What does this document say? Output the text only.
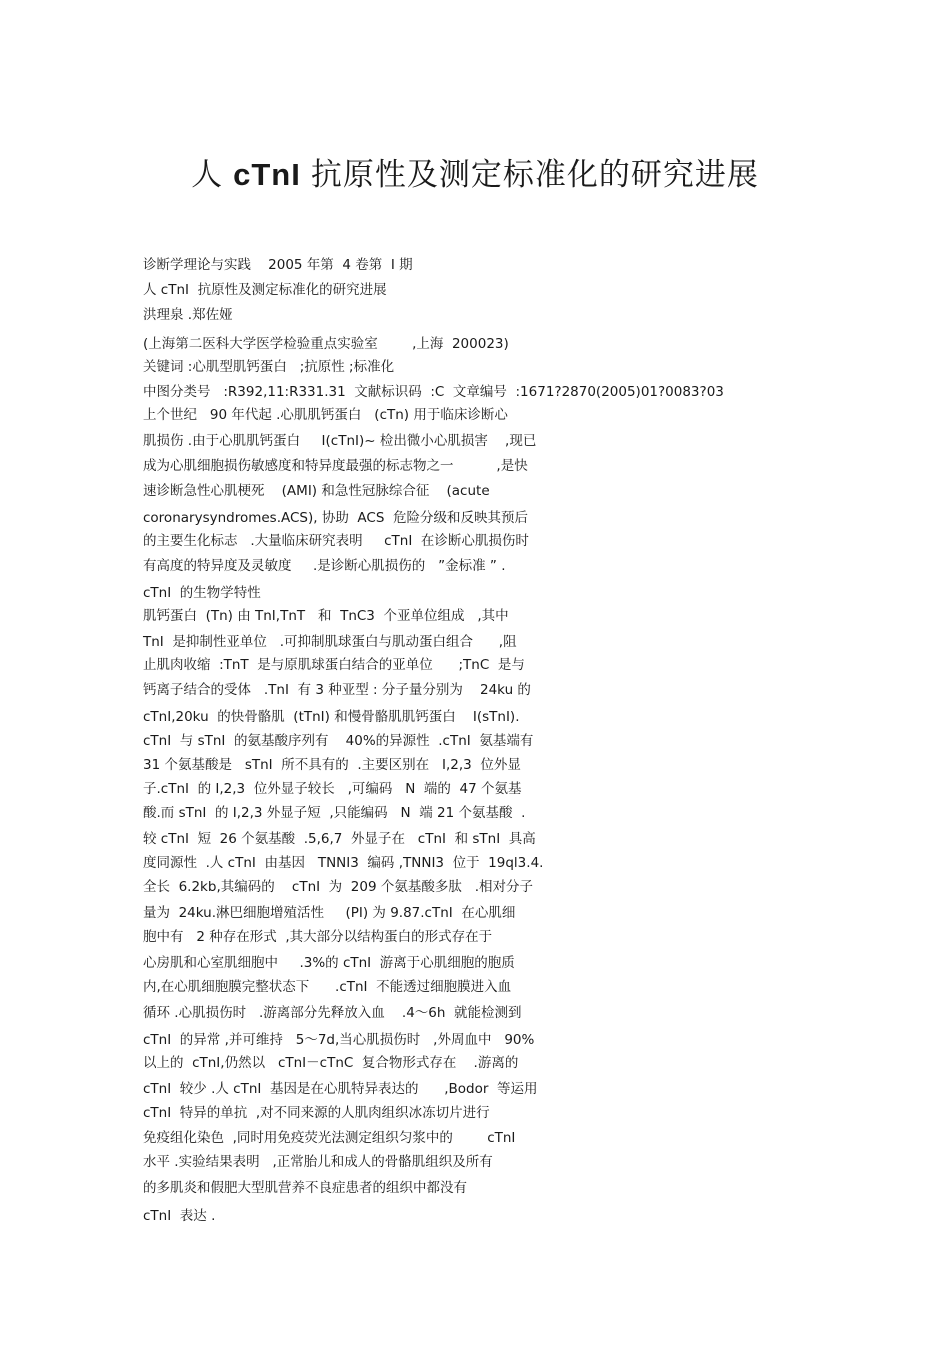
人 cTnI 抗原性及测定标准化的研究进展

诊断学理论与实践    2005 年第  4 卷第  I 期

人 cTnI  抗原性及测定标准化的研究进展

洪理泉 .郑佐娅

(上海第二医科大学医学检验重点实验室        ,上海  200023)

关键词 :心肌型肌钙蛋白   ;抗原性 ;标准化

中图分类号   :R392,11:R331.31  文献标识码  :C  文章编号  :1671?2870(2005)01?0083?03

上个世纪   90 年代起 .心肌肌钙蛋白   (cTn) 用于临床诊断心

肌损伤 .由于心肌肌钙蛋白     I(cTnI)~ 检出微小心肌损害    ,现已

成为心肌细胞损伤敏感度和特异度最强的标志物之一          ,是快

速诊断急性心肌梗死    (AMI) 和急性冠脉综合征    (acute

coronarysyndromes.ACS), 协助  ACS  危险分级和反映其预后

的主要生化标志   .大量临床研究表明     cTnI  在诊断心肌损伤时

有高度的特异度及灵敏度     .是诊断心肌损伤的   ”金标准 ” .

cTnI  的生物学特性

肌钙蛋白  (Tn) 由 TnI,TnT   和  TnC3  个亚单位组成   ,其中

TnI  是抑制性亚单位   .可抑制肌球蛋白与肌动蛋白组合      ,阻

止肌肉收缩  :TnT  是与原肌球蛋白结合的亚单位      ;TnC  是与

钙离子结合的受体   .TnI  有 3 种亚型 : 分子量分别为    24ku 的

cTnI,20ku  的快骨骼肌  (tTnI) 和慢骨骼肌肌钙蛋白    I(sTnI).

cTnI  与 sTnI  的氨基酸序列有    40%的异源性  .cTnI  氨基端有

31 个氨基酸是   sTnI  所不具有的  .主要区别在   I,2,3  位外显

子.cTnI  的 I,2,3  位外显子较长   ,可编码   N  端的  47 个氨基

酸.而 sTnI  的 I,2,3 外显子短  ,只能编码   N  端 21 个氨基酸  .

较 cTnI  短  26 个氨基酸  .5,6,7  外显子在   cTnI  和 sTnI  具高

度同源性  .人 cTnI  由基因   TNNI3  编码 ,TNNI3  位于  19ql3.4.

全长  6.2kb,其编码的    cTnI  为  209 个氨基酸多肽   .相对分子

量为  24ku.淋巴细胞增殖活性     (PI) 为 9.87.cTnI  在心肌细

胞中有   2 种存在形式  ,其大部分以结构蛋白的形式存在于

心房肌和心室肌细胞中     .3%的 cTnI  游离于心肌细胞的胞质

内,在心肌细胞膜完整状态下      .cTnI  不能透过细胞膜进入血

循环 .心肌损伤时   .游离部分先释放入血    .4～6h  就能检测到

cTnI  的异常 ,并可维持   5～7d,当心肌损伤时   ,外周血中   90%

以上的  cTnI,仍然以   cTnI－cTnC  复合物形式存在    .游离的

cTnI  较少 .人 cTnI  基因是在心肌特异表达的      ,Bodor  等运用

cTnI  特异的单抗  ,对不同来源的人肌肉组织冰冻切片进行

免疫组化染色  ,同时用免疫荧光法测定组织匀浆中的        cTnI

水平 .实验结果表明   ,正常胎儿和成人的骨骼肌组织及所有

的多肌炎和假肥大型肌营养不良症患者的组织中都没有

cTnI  表达 .
